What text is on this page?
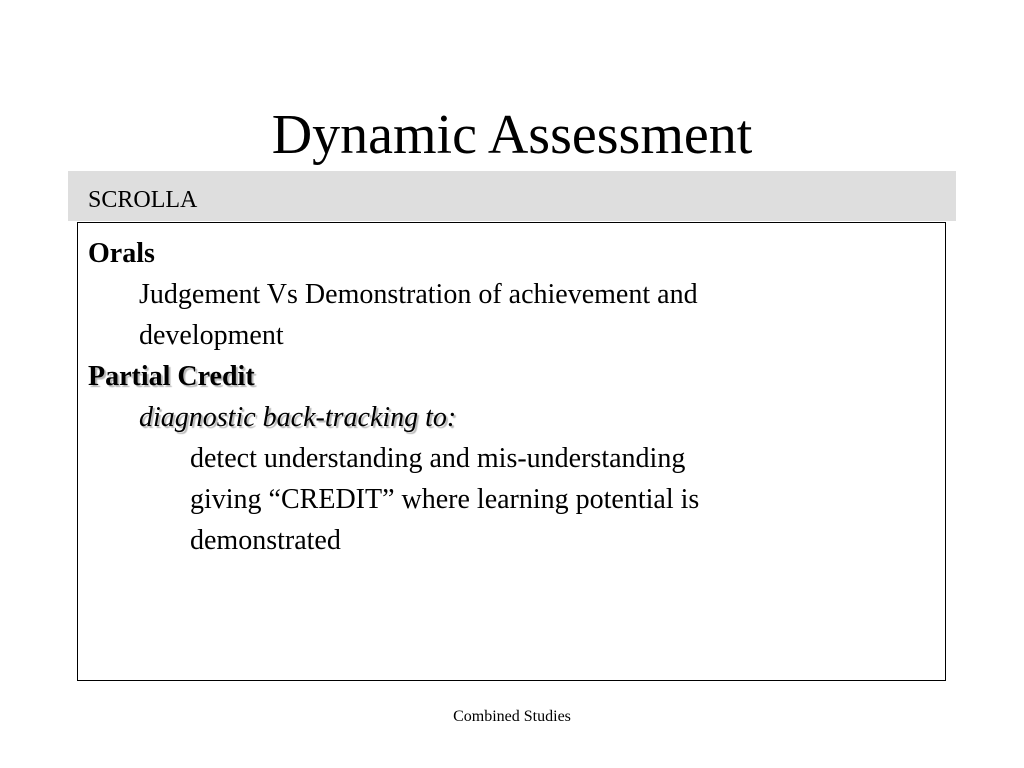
Dynamic Assessment
SCROLLA
Orals
Judgement Vs Demonstration of achievement and
development
Partial Credit
diagnostic back-tracking to:
detect understanding and mis-understanding
giving “CREDIT” where learning potential is
demonstrated
Combined Studies
